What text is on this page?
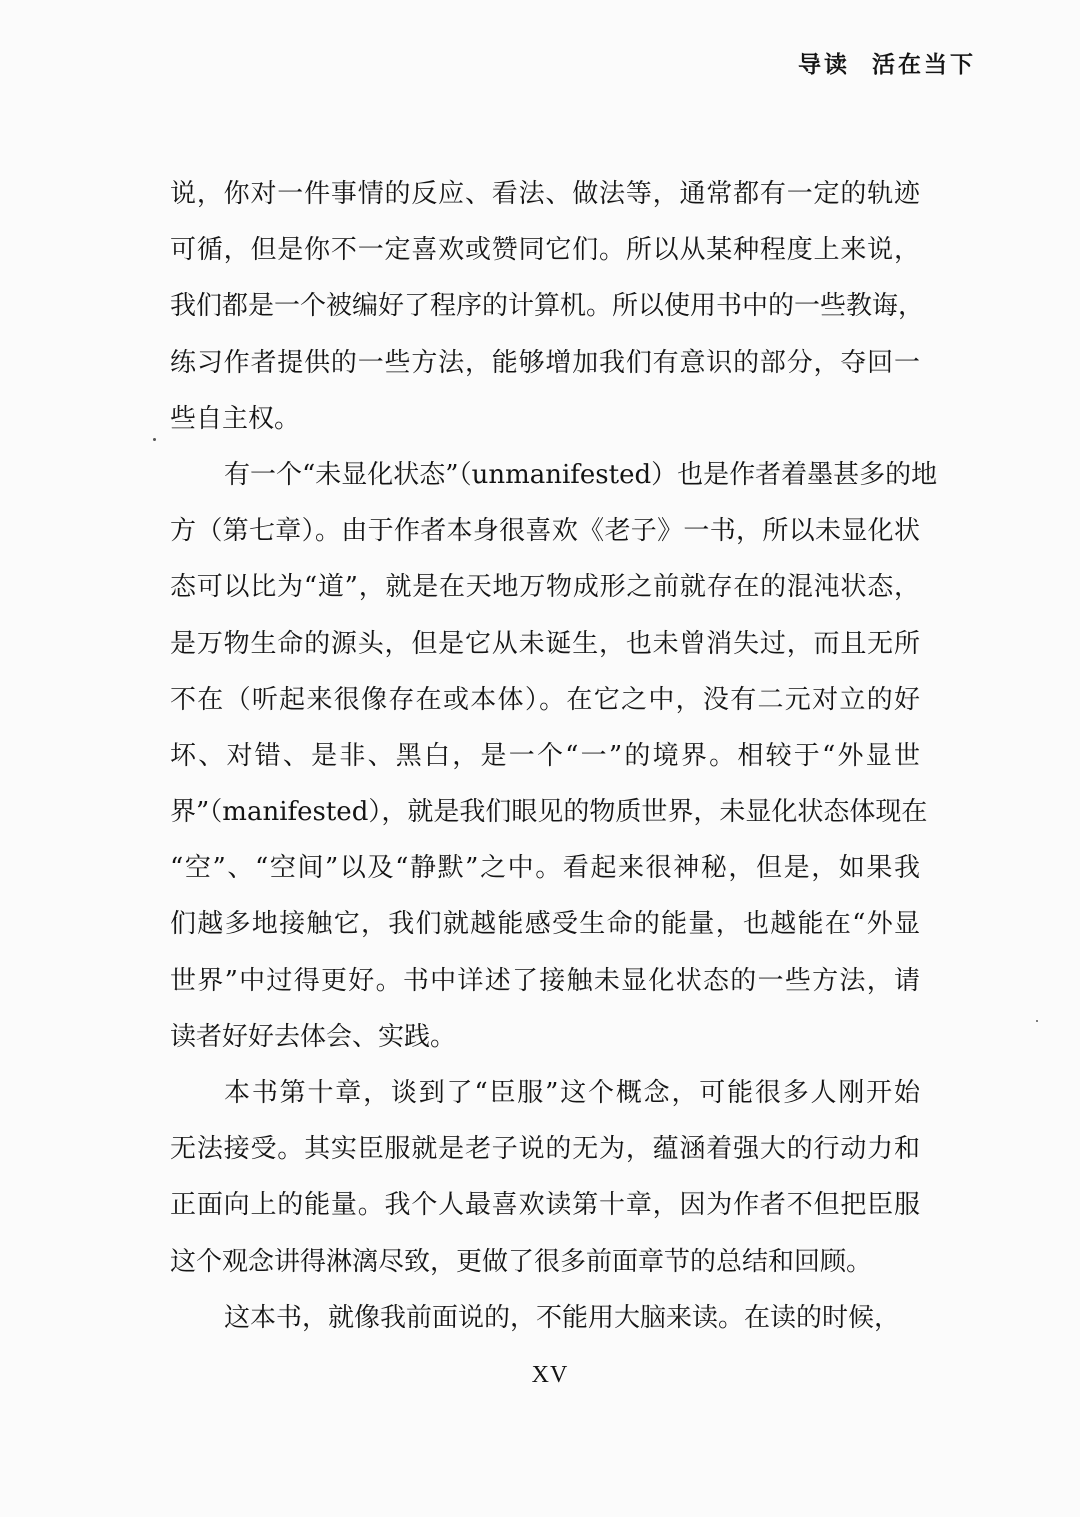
导读 活在当下
说，你对一件事情的反应、看法、做法等，通常都有一定的轨迹
可循，但是你不一定喜欢或赞同它们。所以从某种程度上来说，
我们都是一个被编好了程序的计算机。所以使用书中的一些教诲，
练习作者提供的一些方法，能够增加我们有意识的部分，夺回一
些自主权。
有一个“未显化状态”（unmanifested）也是作者着墨甚多的地
方（第七章）。由于作者本身很喜欢《老子》一书，所以未显化状
态可以比为“道”，就是在天地万物成形之前就存在的混沌状态，
是万物生命的源头，但是它从未诞生，也未曾消失过，而且无所
不在（听起来很像存在或本体）。在它之中，没有二元对立的好
坏、对错、是非、黑白，是一个“一”的境界。相较于“外显世
界”（manifested），就是我们眼见的物质世界，未显化状态体现在
“空”、“空间”以及“静默”之中。看起来很神秘，但是，如果我
们越多地接触它，我们就越能感受生命的能量，也越能在“外显
世界”中过得更好。书中详述了接触未显化状态的一些方法，请
读者好好去体会、实践。
本书第十章，谈到了“臣服”这个概念，可能很多人刚开始
无法接受。其实臣服就是老子说的无为，蕴涵着强大的行动力和
正面向上的能量。我个人最喜欢读第十章，因为作者不但把臣服
这个观念讲得淋漓尽致，更做了很多前面章节的总结和回顾。
这本书，就像我前面说的，不能用大脑来读。在读的时候，
XV
